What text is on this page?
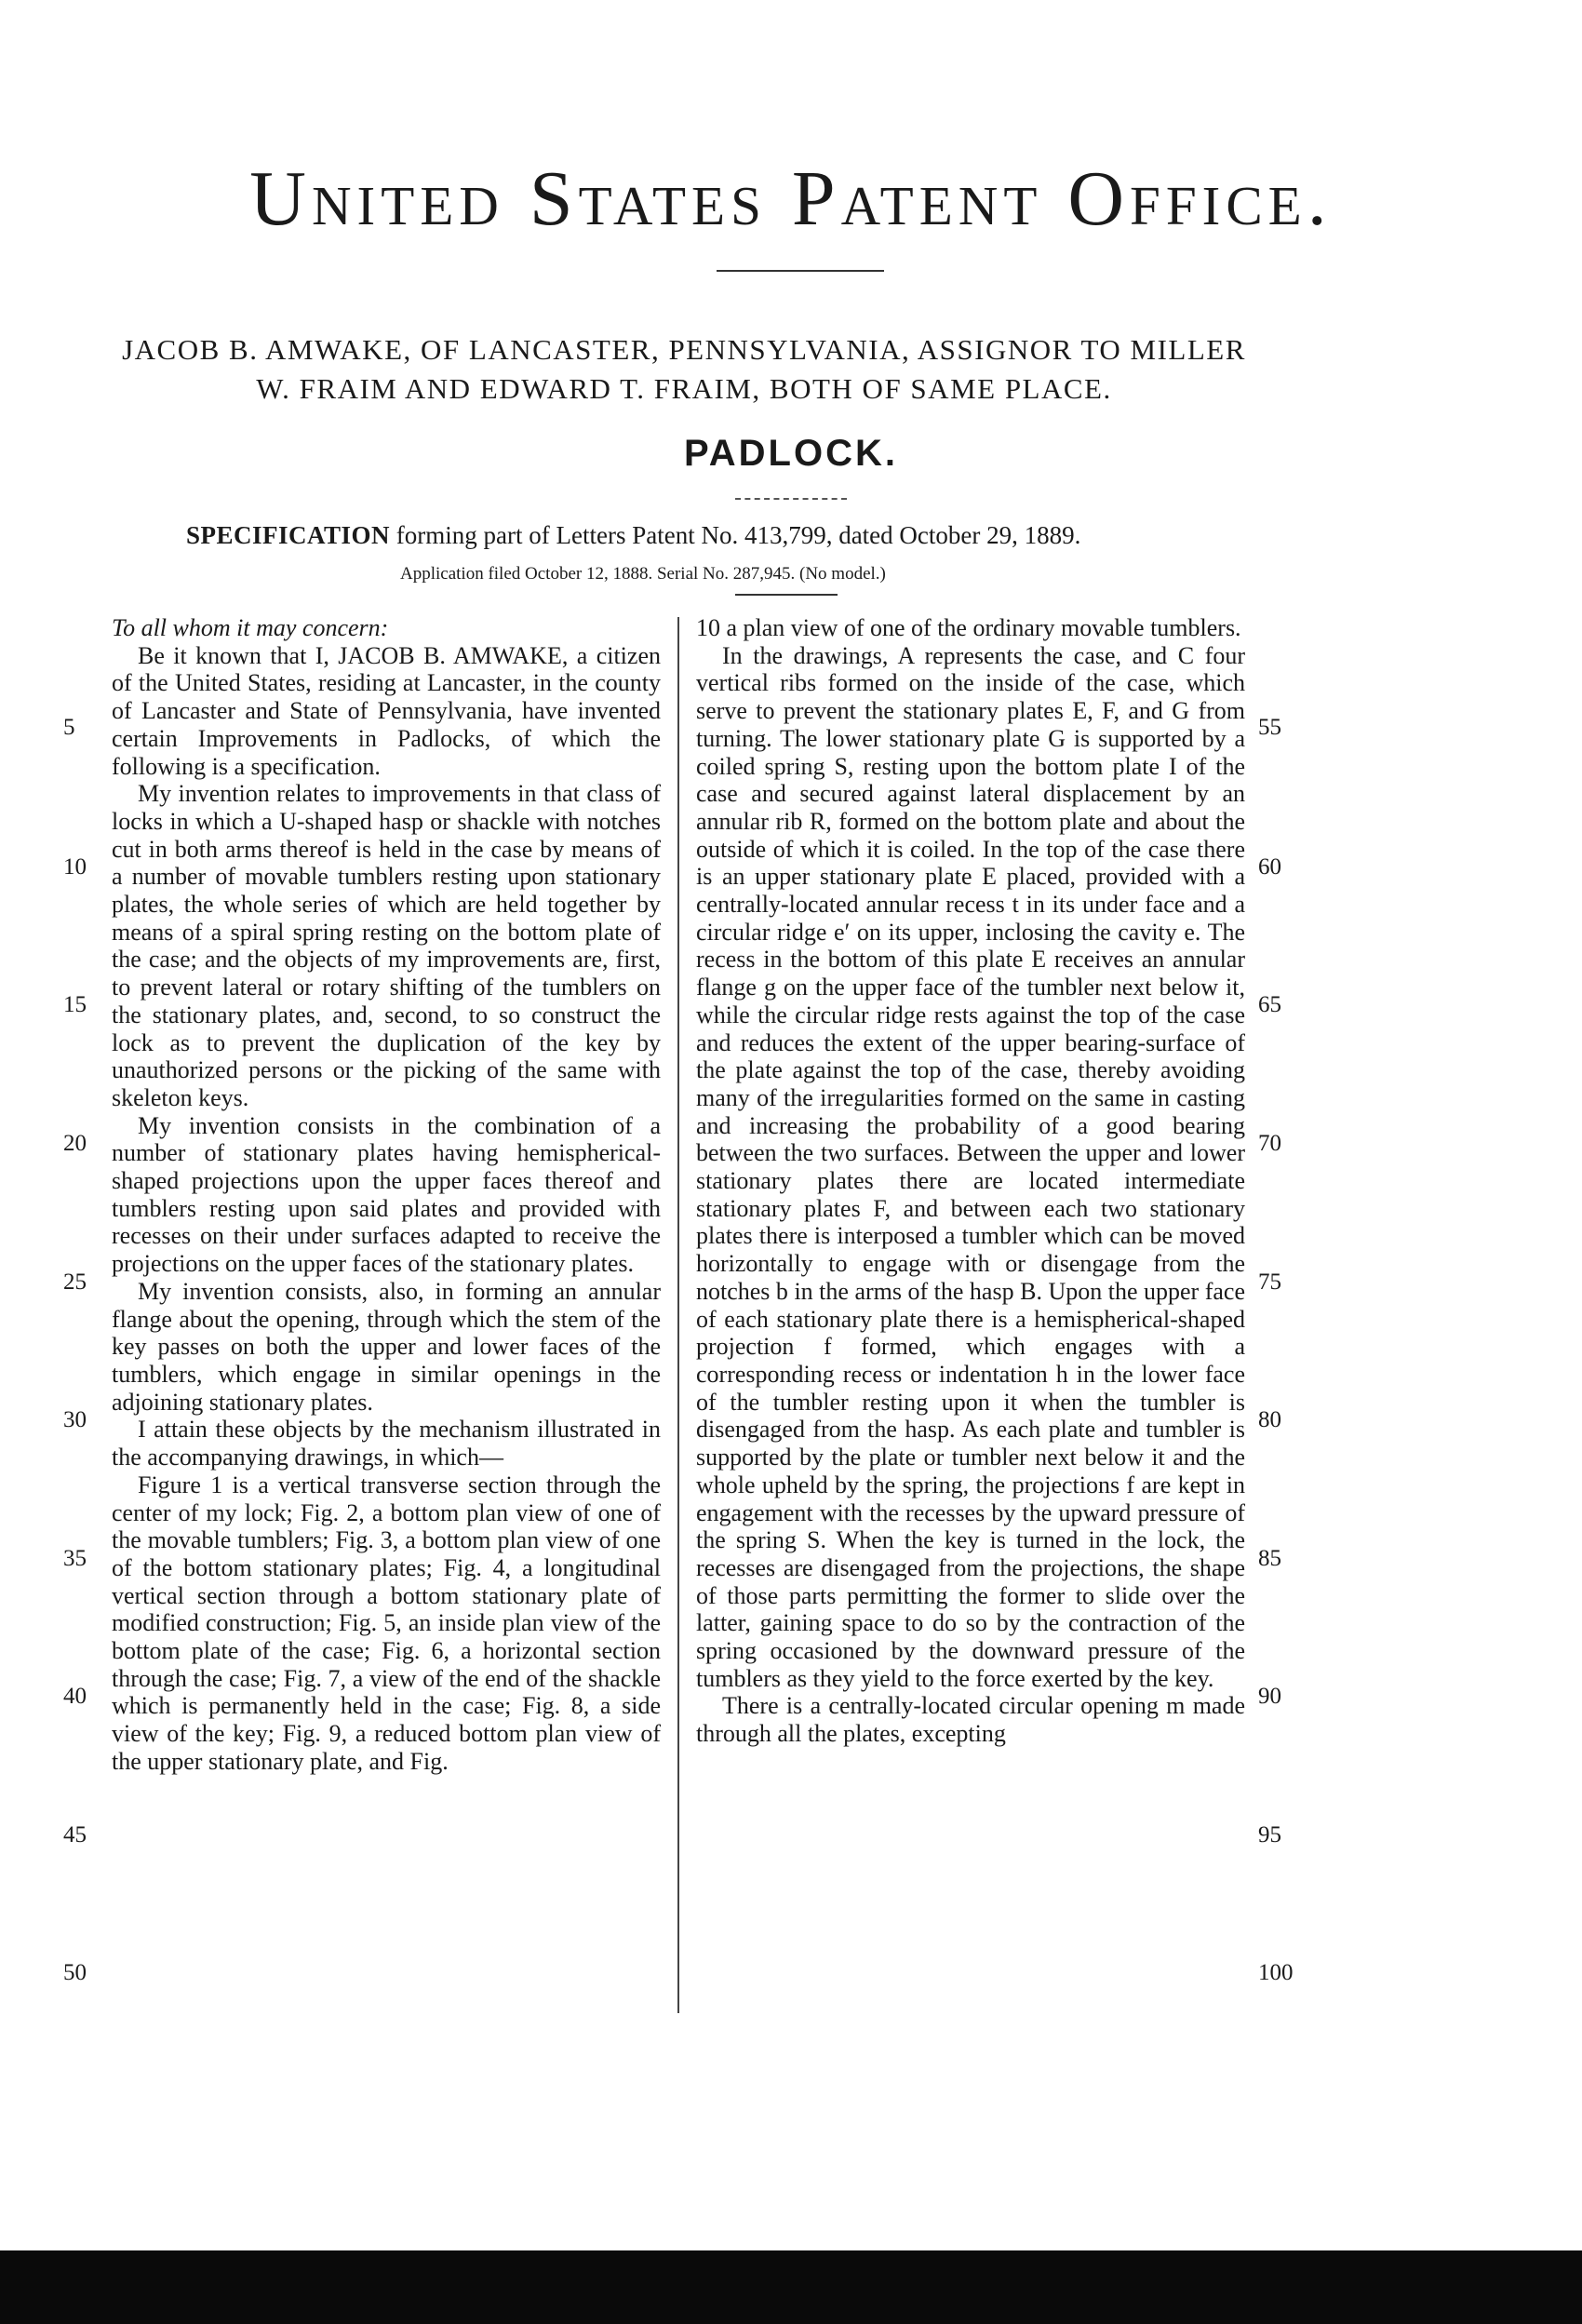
United States Patent Office.
JACOB B. AMWAKE, OF LANCASTER, PENNSYLVANIA, ASSIGNOR TO MILLER
W. FRAIM AND EDWARD T. FRAIM, BOTH OF SAME PLACE.
PADLOCK.
SPECIFICATION forming part of Letters Patent No. 413,799, dated October 29, 1889.
Application filed October 12, 1888. Serial No. 287,945. (No model.)

To all whom it may concern:

Be it known that I, JACOB B. AMWAKE, a citizen of the United States, residing at Lancaster, in the county of Lancaster and State of Pennsylvania, have invented certain Improvements in Padlocks, of which the following is a specification.

My invention relates to improvements in that class of locks in which a U-shaped hasp or shackle with notches cut in both arms thereof is held in the case by means of a number of movable tumblers resting upon stationary plates, the whole series of which are held together by means of a spiral spring resting on the bottom plate of the case; and the objects of my improvements are, first, to prevent lateral or rotary shifting of the tumblers on the stationary plates, and, second, to so construct the lock as to prevent the duplication of the key by unauthorized persons or the picking of the same with skeleton keys.

My invention consists in the combination of a number of stationary plates having hemispherical-shaped projections upon the upper faces thereof and tumblers resting upon said plates and provided with recesses on their under surfaces adapted to receive the projections on the upper faces of the stationary plates.

My invention consists, also, in forming an annular flange about the opening, through which the stem of the key passes on both the upper and lower faces of the tumblers, which engage in similar openings in the adjoining stationary plates.

I attain these objects by the mechanism illustrated in the accompanying drawings, in which—

Figure 1 is a vertical transverse section through the center of my lock; Fig. 2, a bottom plan view of one of the movable tumblers; Fig. 3, a bottom plan view of one of the bottom stationary plates; Fig. 4, a longitudinal vertical section through a bottom stationary plate of modified construction; Fig. 5, an inside plan view of the bottom plate of the case; Fig. 6, a horizontal section through the case; Fig. 7, a view of the end of the shackle which is permanently held in the case; Fig. 8, a side view of the key; Fig. 9, a reduced bottom plan view of the upper stationary plate, and Fig.

10 a plan view of one of the ordinary movable tumblers.

In the drawings, A represents the case, and C four vertical ribs formed on the inside of the case, which serve to prevent the stationary plates E, F, and G from turning. The lower stationary plate G is supported by a coiled spring S, resting upon the bottom plate I of the case and secured against lateral displacement by an annular rib R, formed on the bottom plate and about the outside of which it is coiled. In the top of the case there is an upper stationary plate E placed, provided with a centrally-located annular recess t in its under face and a circular ridge e′ on its upper, inclosing the cavity e. The recess in the bottom of this plate E receives an annular flange g on the upper face of the tumbler next below it, while the circular ridge rests against the top of the case and reduces the extent of the upper bearing-surface of the plate against the top of the case, thereby avoiding many of the irregularities formed on the same in casting and increasing the probability of a good bearing between the two surfaces. Between the upper and lower stationary plates there are located intermediate stationary plates F, and between each two stationary plates there is interposed a tumbler which can be moved horizontally to engage with or disengage from the notches b in the arms of the hasp B. Upon the upper face of each stationary plate there is a hemispherical-shaped projection f formed, which engages with a corresponding recess or indentation h in the lower face of the tumbler resting upon it when the tumbler is disengaged from the hasp. As each plate and tumbler is supported by the plate or tumbler next below it and the whole upheld by the spring, the projections f are kept in engagement with the recesses by the upward pressure of the spring S. When the key is turned in the lock, the recesses are disengaged from the projections, the shape of those parts permitting the former to slide over the latter, gaining space to do so by the contraction of the spring occasioned by the downward pressure of the tumblers as they yield to the force exerted by the key.

There is a centrally-located circular opening m made through all the plates, excepting

5
10
15
20
25
30
35
40
45
50
55
60
65
70
75
80
85
90
95
100
